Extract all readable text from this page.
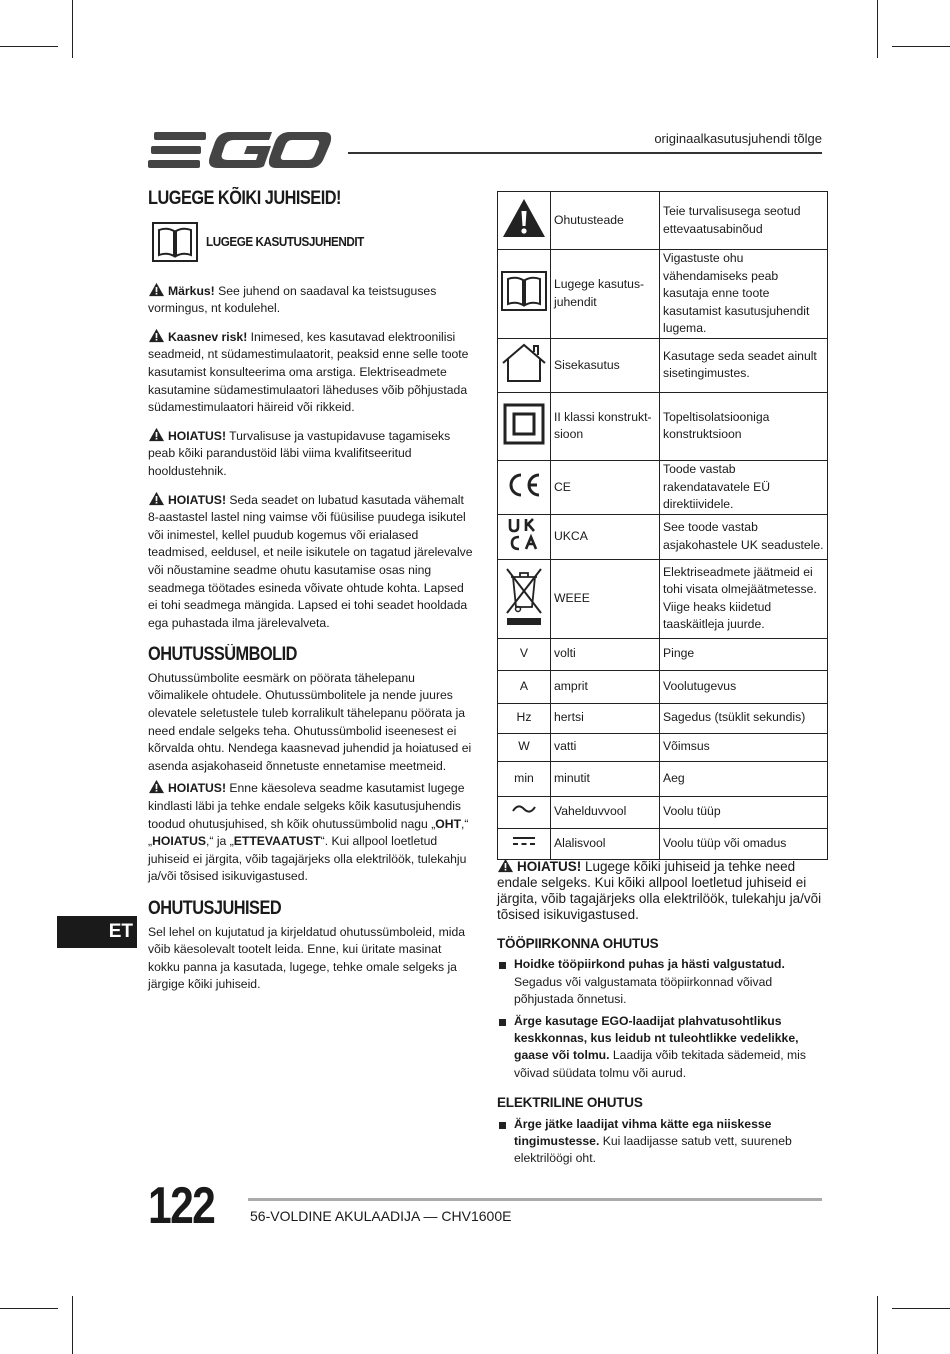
originaalkasutusjuhendi tõlge
LUGEGE KÕIKI JUHISEID!
LUGEGE KASUTUSJUHENDIT

Märkus! See juhend on saadaval ka teistsuguses vormingus, nt kodulehel.

Kaasnev risk! Inimesed, kes kasutavad elektroonilisi seadmeid, nt südamestimulaatorit, peaksid enne selle toote kasutamist konsulteerima oma arstiga. Elektriseadmete kasutamine südamestimulaatori läheduses võib põhjustada südamestimulaatori häireid või rikkeid.

HOIATUS! Turvalisuse ja vastupidavuse tagamiseks peab kõiki parandustöid läbi viima kvalifitseeritud hooldustehnik.

HOIATUS! Seda seadet on lubatud kasutada vähemalt 8-aastastel lastel ning vaimse või füüsilise puudega isikutel või inimestel, kellel puudub kogemus või erialased teadmised, eeldusel, et neile isikutele on tagatud järelevalve või nõustamine seadme ohutu kasutamise osas ning seadmega töötades esineda võivate ohtude kohta. Lapsed ei tohi seadmega mängida. Lapsed ei tohi seadet hooldada ega puhastada ilma järelevalveta.

OHUTUSSÜMBOLID

Ohutussümbolite eesmärk on pöörata tähelepanu võimalikele ohtudele. Ohutussümbolitele ja nende juures olevatele seletustele tuleb korralikult tähelepanu pöörata ja need endale selgeks teha. Ohutussümbolid iseenesest ei kõrvalda ohtu. Nendega kaasnevad juhendid ja hoiatused ei asenda asjakohaseid õnnetuste ennetamise meetmeid.

HOIATUS! Enne käesoleva seadme kasutamist lugege kindlasti läbi ja tehke endale selgeks kõik kasutusjuhendis toodud ohutusjuhised, sh kõik ohutussümbolid nagu „OHT,“ „HOIATUS,“ ja „ETTEVAATUST“. Kui allpool loetletud juhiseid ei järgita, võib tagajärjeks olla elektrilöök, tulekahju ja/või tõsised isikuvigastused.

OHUTUSJUHISED

Sel lehel on kujutatud ja kirjeldatud ohutussümboleid, mida võib käesolevalt tootelt leida. Enne, kui üritate masinat kokku panna ja kasutada, lugege, tehke omale selgeks ja järgige kõiki juhiseid.

	Ohutusteade	Teie turvalisusega seotud ettevaatusabinõud
	Lugege kasutus-juhendit	Vigastuste ohu vähendamiseks peab kasutaja enne toote kasutamist kasutusjuhendit lugema.
	Sisekasutus	Kasutage seda seadet ainult sisetingimustes.
	II klassi konstrukt-sioon	Topeltisolatsiooniga konstruktsioon
	CE	Toode vastab rakendatavatele EÜ direktiividele.
	UKCA	See toode vastab asjakohastele UK seadustele.
	WEEE	Elektriseadmete jäätmeid ei tohi visata olmejäätmetesse. Viige heaks kiidetud taaskäitleja juurde.
V	volti	Pinge
A	amprit	Voolutugevus
Hz	hertsi	Sagedus (tsüklit sekundis)
W	vatti	Võimsus
min	minutit	Aeg
	Vahelduvvool	Voolu tüüp
	Alalisvool	Voolu tüüp või omadus

HOIATUS! Lugege kõiki juhiseid ja tehke need endale selgeks. Kui kõiki allpool loetletud juhiseid ei järgita, võib tagajärjeks olla elektrilöök, tulekahju ja/või tõsised isikuvigastused.

TÖÖPIIRKONNA OHUTUS
Hoidke tööpiirkond puhas ja hästi valgustatud. Segadus või valgustamata tööpiirkonnad võivad põhjustada õnnetusi.
Ärge kasutage EGO-laadijat plahvatusohtlikus keskkonnas, kus leidub nt tuleohtlikke vedelikke, gaase või tolmu. Laadija võib tekitada sädemeid, mis võivad süüdata tolmu või aurud.
ELEKTRILINE OHUTUS
Ärge jätke laadijat vihma kätte ega niiskesse tingimustesse. Kui laadijasse satub vett, suureneb elektrilöögi oht.
ET
122	56-VOLDINE AKULAADIJA — CHV1600E
